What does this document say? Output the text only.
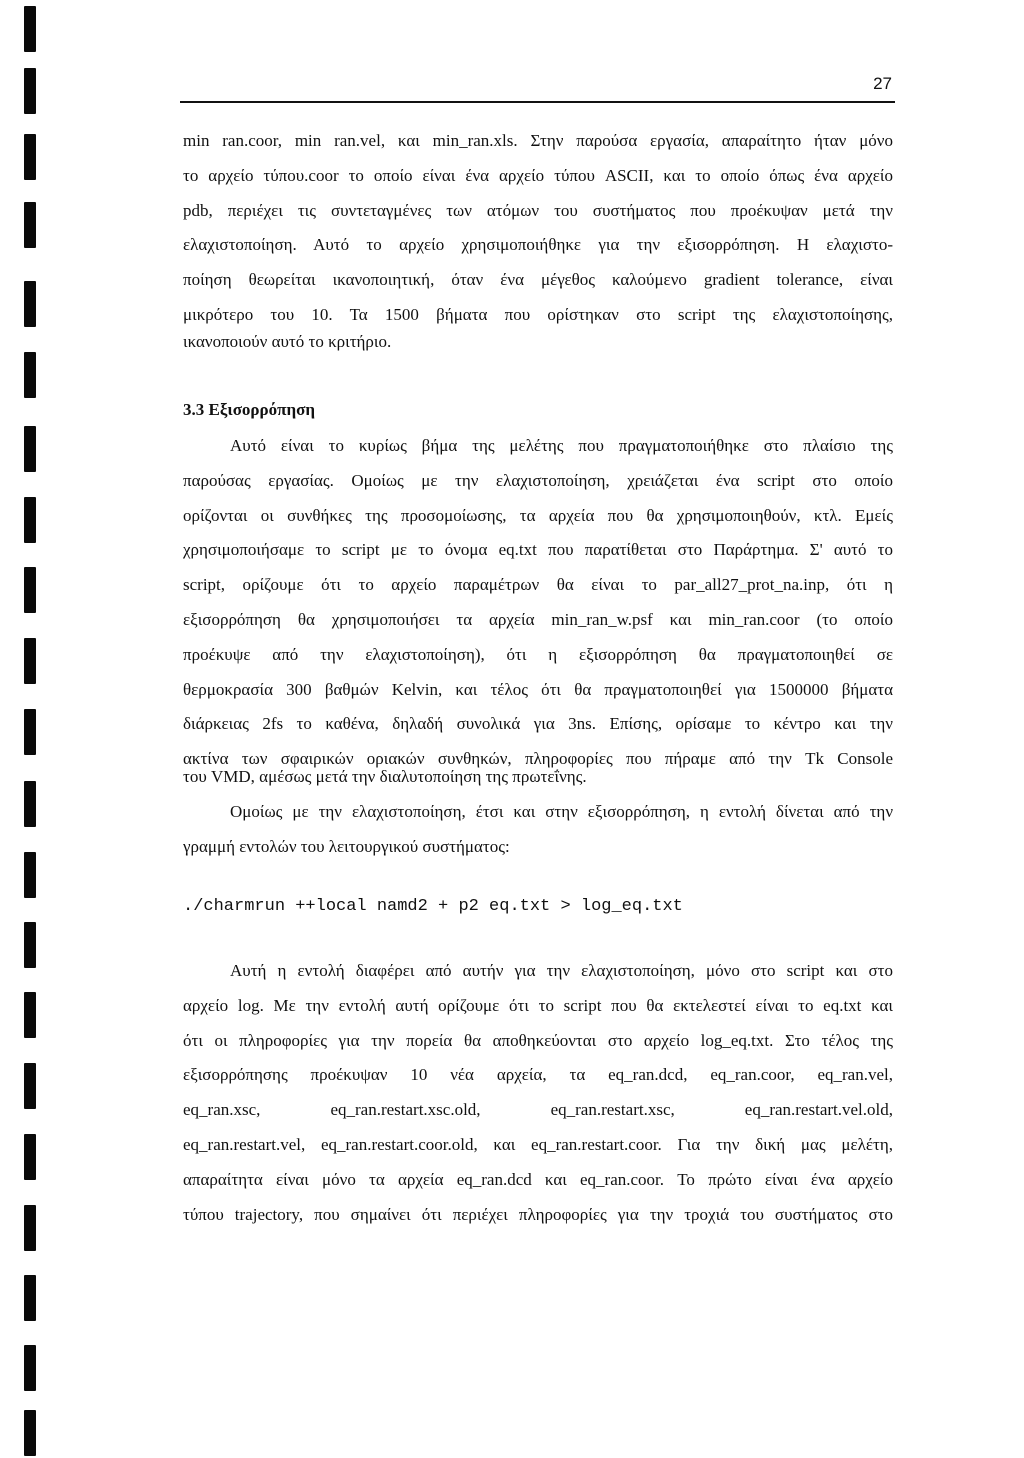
27
min ran.coor, min ran.vel, και min_ran.xls. Στην παρούσα εργασία, απαραίτητο ήταν μόνο
το αρχείο τύπου.coor το οποίο είναι ένα αρχείο τύπου ASCII, και το οποίο όπως ένα αρχείο
pdb, περιέχει τις συντεταγμένες των ατόμων του συστήματος που προέκυψαν μετά την
ελαχιστοποίηση. Αυτό το αρχείο χρησιμοποιήθηκε για την εξισορρόπηση. Η ελαχιστο-
ποίηση θεωρείται ικανοποιητική, όταν ένα μέγεθος καλούμενο gradient tolerance, είναι
μικρότερο του 10. Τα 1500 βήματα που ορίστηκαν στο script της ελαχιστοποίησης,
ικανοποιούν αυτό το κριτήριο.
3.3 Εξισορρόπηση
Αυτό είναι το κυρίως βήμα της μελέτης που πραγματοποιήθηκε στο πλαίσιο της
παρούσας εργασίας. Ομοίως με την ελαχιστοποίηση, χρειάζεται ένα script στο οποίο
ορίζονται οι συνθήκες της προσομοίωσης, τα αρχεία που θα χρησιμοποιηθούν, κτλ. Εμείς
χρησιμοποιήσαμε το script με το όνομα eq.txt που παρατίθεται στο Παράρτημα. Σ' αυτό το
script, ορίζουμε ότι το αρχείο παραμέτρων θα είναι το par_all27_prot_na.inp, ότι η
εξισορρόπηση θα χρησιμοποιήσει τα αρχεία min_ran_w.psf και min_ran.coor (το οποίο
προέκυψε από την ελαχιστοποίηση), ότι η εξισορρόπηση θα πραγματοποιηθεί σε
θερμοκρασία 300 βαθμών Kelvin, και τέλος ότι θα πραγματοποιηθεί για 1500000 βήματα
διάρκειας 2fs το καθένα, δηλαδή συνολικά για 3ns. Επίσης, ορίσαμε το κέντρο και την
ακτίνα των σφαιρικών οριακών συνθηκών, πληροφορίες που πήραμε από την Tk Console
του VMD, αμέσως μετά την διαλυτοποίηση της πρωτεΐνης.
Ομοίως με την ελαχιστοποίηση, έτσι και στην εξισορρόπηση, η εντολή δίνεται από την
γραμμή εντολών του λειτουργικού συστήματος:
./charmrun ++local namd2 + p2 eq.txt > log_eq.txt
Αυτή η εντολή διαφέρει από αυτήν για την ελαχιστοποίηση, μόνο στο script και στο
αρχείο log. Με την εντολή αυτή ορίζουμε ότι το script που θα εκτελεστεί είναι το eq.txt και
ότι οι πληροφορίες για την πορεία θα αποθηκεύονται στο αρχείο log_eq.txt. Στο τέλος της
εξισορρόπησης προέκυψαν 10 νέα αρχεία, τα eq_ran.dcd, eq_ran.coor, eq_ran.vel,
eq_ran.xsc, eq_ran.restart.xsc.old, eq_ran.restart.xsc, eq_ran.restart.vel.old,
eq_ran.restart.vel, eq_ran.restart.coor.old, και eq_ran.restart.coor. Για την δική μας μελέτη,
απαραίτητα είναι μόνο τα αρχεία eq_ran.dcd και eq_ran.coor. Το πρώτο είναι ένα αρχείο
τύπου trajectory, που σημαίνει ότι περιέχει πληροφορίες για την τροχιά του συστήματος στο
